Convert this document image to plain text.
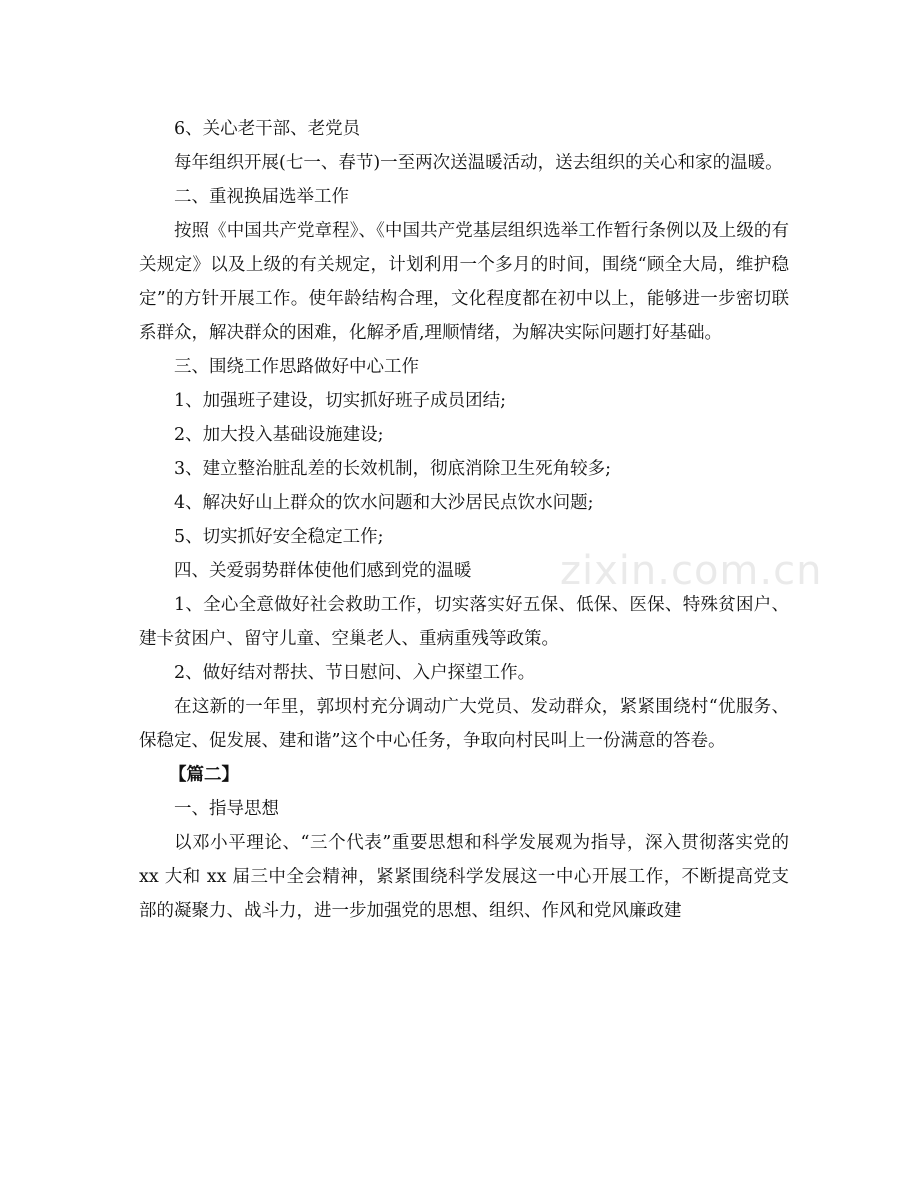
6、关心老干部、老党员

每年组织开展(七一、春节)一至两次送温暖活动，送去组织的关心和家的温暖。

二、重视换届选举工作

按照《中国共产党章程》、《中国共产党基层组织选举工作暂行条例以及上级的有关规定》以及上级的有关规定，计划利用一个多月的时间，围绕“顾全大局，维护稳定”的方针开展工作。使年龄结构合理，文化程度都在初中以上，能够进一步密切联系群众，解决群众的困难，化解矛盾,理顺情绪，为解决实际问题打好基础。

三、围绕工作思路做好中心工作

1、加强班子建设，切实抓好班子成员团结;

2、加大投入基础设施建设;

3、建立整治脏乱差的长效机制，彻底消除卫生死角较多;

4、解决好山上群众的饮水问题和大沙居民点饮水问题;

5、切实抓好安全稳定工作;

四、关爱弱势群体使他们感到党的温暖

1、全心全意做好社会救助工作，切实落实好五保、低保、医保、特殊贫困户、建卡贫困户、留守儿童、空巢老人、重病重残等政策。

2、做好结对帮扶、节日慰问、入户探望工作。

在这新的一年里，郭坝村充分调动广大党员、发动群众，紧紧围绕村“优服务、保稳定、促发展、建和谐”这个中心任务，争取向村民叫上一份满意的答卷。

【篇二】

一、指导思想

以邓小平理论、“三个代表”重要思想和科学发展观为指导，深入贯彻落实党的 xx 大和 xx 届三中全会精神，紧紧围绕科学发展这一中心开展工作，不断提高党支部的凝聚力、战斗力，进一步加强党的思想、组织、作风和党风廉政建

zixin.com.cn
